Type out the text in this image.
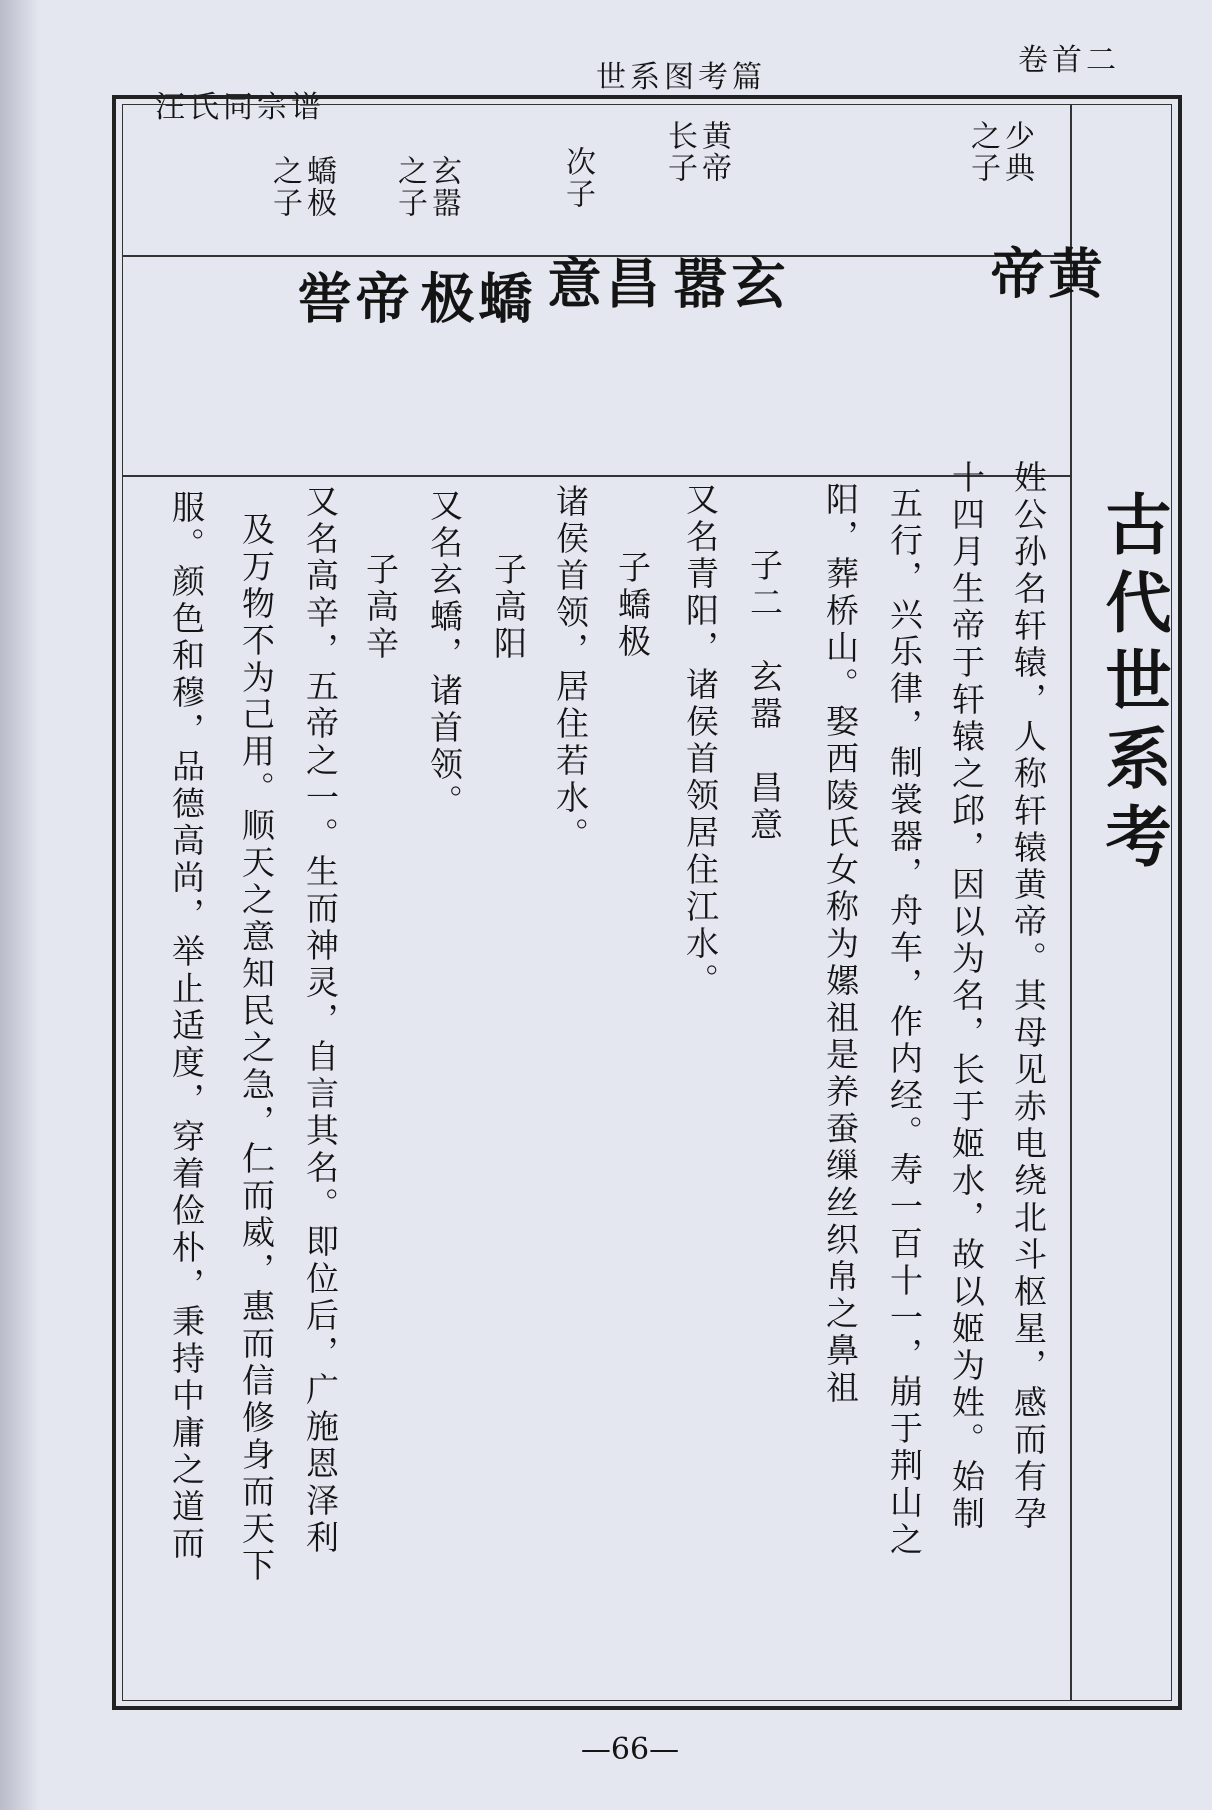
汪氏同宗谱
世系图考篇	卷首二
古代世系考
少典之子
黄帝长子
次子
玄嚣之子
蟜极之子
黄帝
玄嚣
昌意
蟜极
帝喾
姓公孙名轩辕，人称轩辕黄帝。其母见赤电绕北斗枢星，感而有孕
十四月生帝于轩辕之邱，因以为名，长于姬水，故以姬为姓。始制
五行，兴乐律，制裳器，舟车，作内经。寿一百十一，崩于荆山之
阳，葬桥山。娶西陵氏女称为嫘祖是养蚕缫丝织帛之鼻祖
子二　玄嚣　昌意
又名青阳，诸侯首领居住江水。
子蟜极
诸侯首领，居住若水。
子高阳
又名玄蟜，诸首领。
子高辛
又名高辛，五帝之一。生而神灵，自言其名。即位后，广施恩泽利
及万物不为己用。顺天之意知民之急，仁而威，惠而信修身而天下
服。颜色和穆，品德高尚，举止适度，穿着俭朴，秉持中庸之道而
—66—
